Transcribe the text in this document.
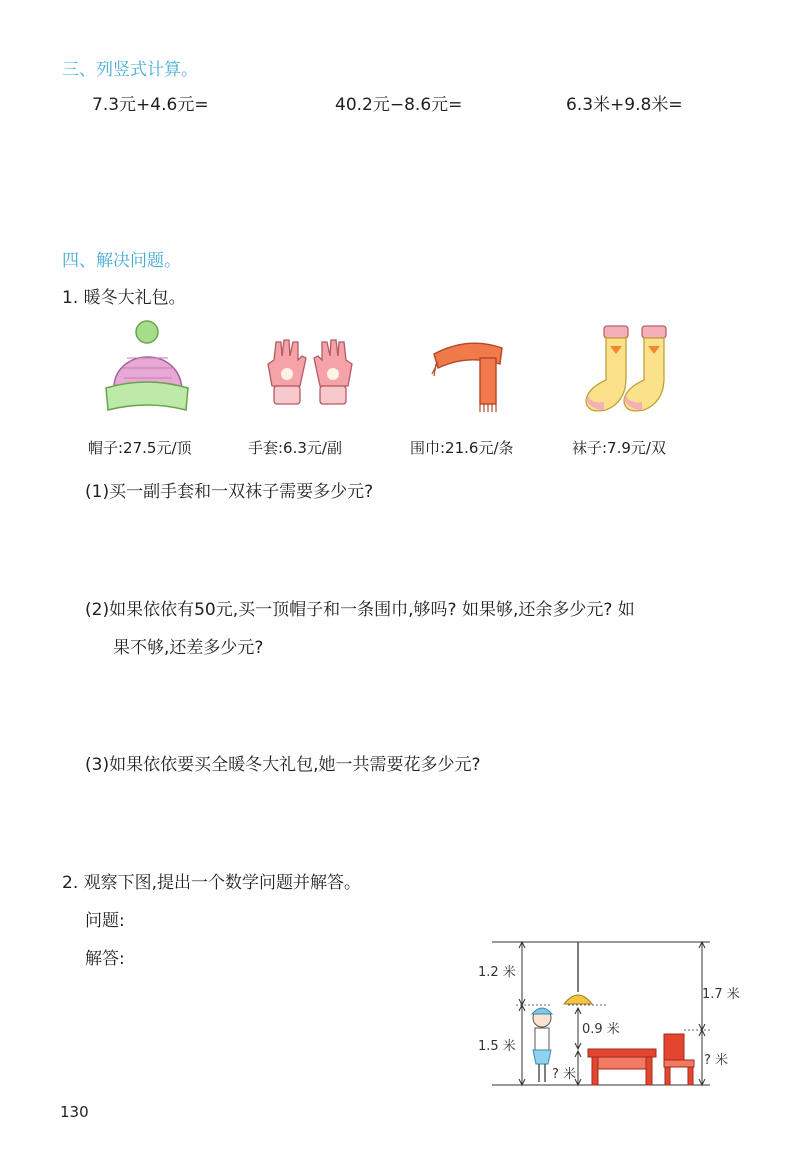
三、列竖式计算。
7.3元+4.6元=	40.2元−8.6元=	6.3米+9.8米=
四、解决问题。
1. 暖冬大礼包。
帽子:27.5元/顶	手套:6.3元/副	围巾:21.6元/条	袜子:7.9元/双
(1)买一副手套和一双袜子需要多少元?
(2)如果依依有50元,买一顶帽子和一条围巾,够吗? 如果够,还余多少元? 如
果不够,还差多少元?
(3)如果依依要买全暖冬大礼包,她一共需要花多少元?
2. 观察下图,提出一个数学问题并解答。
问题:
解答:
1.2 米
1.5 米
0.9 米
1.7 米
? 米
? 米
130
